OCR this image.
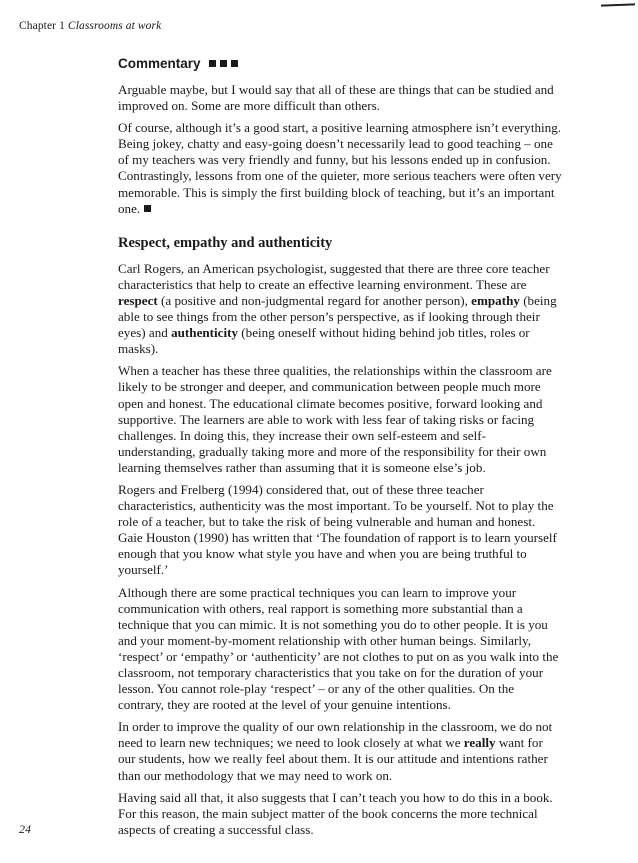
Chapter 1 Classrooms at work
Commentary

Arguable maybe, but I would say that all of these are things that can be studied and improved on. Some are more difficult than others.

Of course, although it’s a good start, a positive learning atmosphere isn’t everything. Being jokey, chatty and easy-going doesn’t necessarily lead to good teaching – one of my teachers was very friendly and funny, but his lessons ended up in confusion. Contrastingly, lessons from one of the quieter, more serious teachers were often very memorable. This is simply the first building block of teaching, but it’s an important one.

Respect, empathy and authenticity

Carl Rogers, an American psychologist, suggested that there are three core teacher characteristics that help to create an effective learning environment. These are respect (a positive and non-judgmental regard for another person), empathy (being able to see things from the other person’s perspective, as if looking through their eyes) and authenticity (being oneself without hiding behind job titles, roles or masks).

When a teacher has these three qualities, the relationships within the classroom are likely to be stronger and deeper, and communication between people much more open and honest. The educational climate becomes positive, forward looking and supportive. The learners are able to work with less fear of taking risks or facing challenges. In doing this, they increase their own self-esteem and self-understanding, gradually taking more and more of the responsibility for their own learning themselves rather than assuming that it is someone else’s job.

Rogers and Frelberg (1994) considered that, out of these three teacher characteristics, authenticity was the most important. To be yourself. Not to play the role of a teacher, but to take the risk of being vulnerable and human and honest. Gaie Houston (1990) has written that ‘The foundation of rapport is to learn yourself enough that you know what style you have and when you are being truthful to yourself.’

Although there are some practical techniques you can learn to improve your communication with others, real rapport is something more substantial than a technique that you can mimic. It is not something you do to other people. It is you and your moment-by-moment relationship with other human beings. Similarly, ‘respect’ or ‘empathy’ or ‘authenticity’ are not clothes to put on as you walk into the classroom, not temporary characteristics that you take on for the duration of your lesson. You cannot role-play ‘respect’ – or any of the other qualities. On the contrary, they are rooted at the level of your genuine intentions.

In order to improve the quality of our own relationship in the classroom, we do not need to learn new techniques; we need to look closely at what we really want for our students, how we really feel about them. It is our attitude and intentions rather than our methodology that we may need to work on.

Having said all that, it also suggests that I can’t teach you how to do this in a book. For this reason, the main subject matter of the book concerns the more technical aspects of creating a successful class.

24
